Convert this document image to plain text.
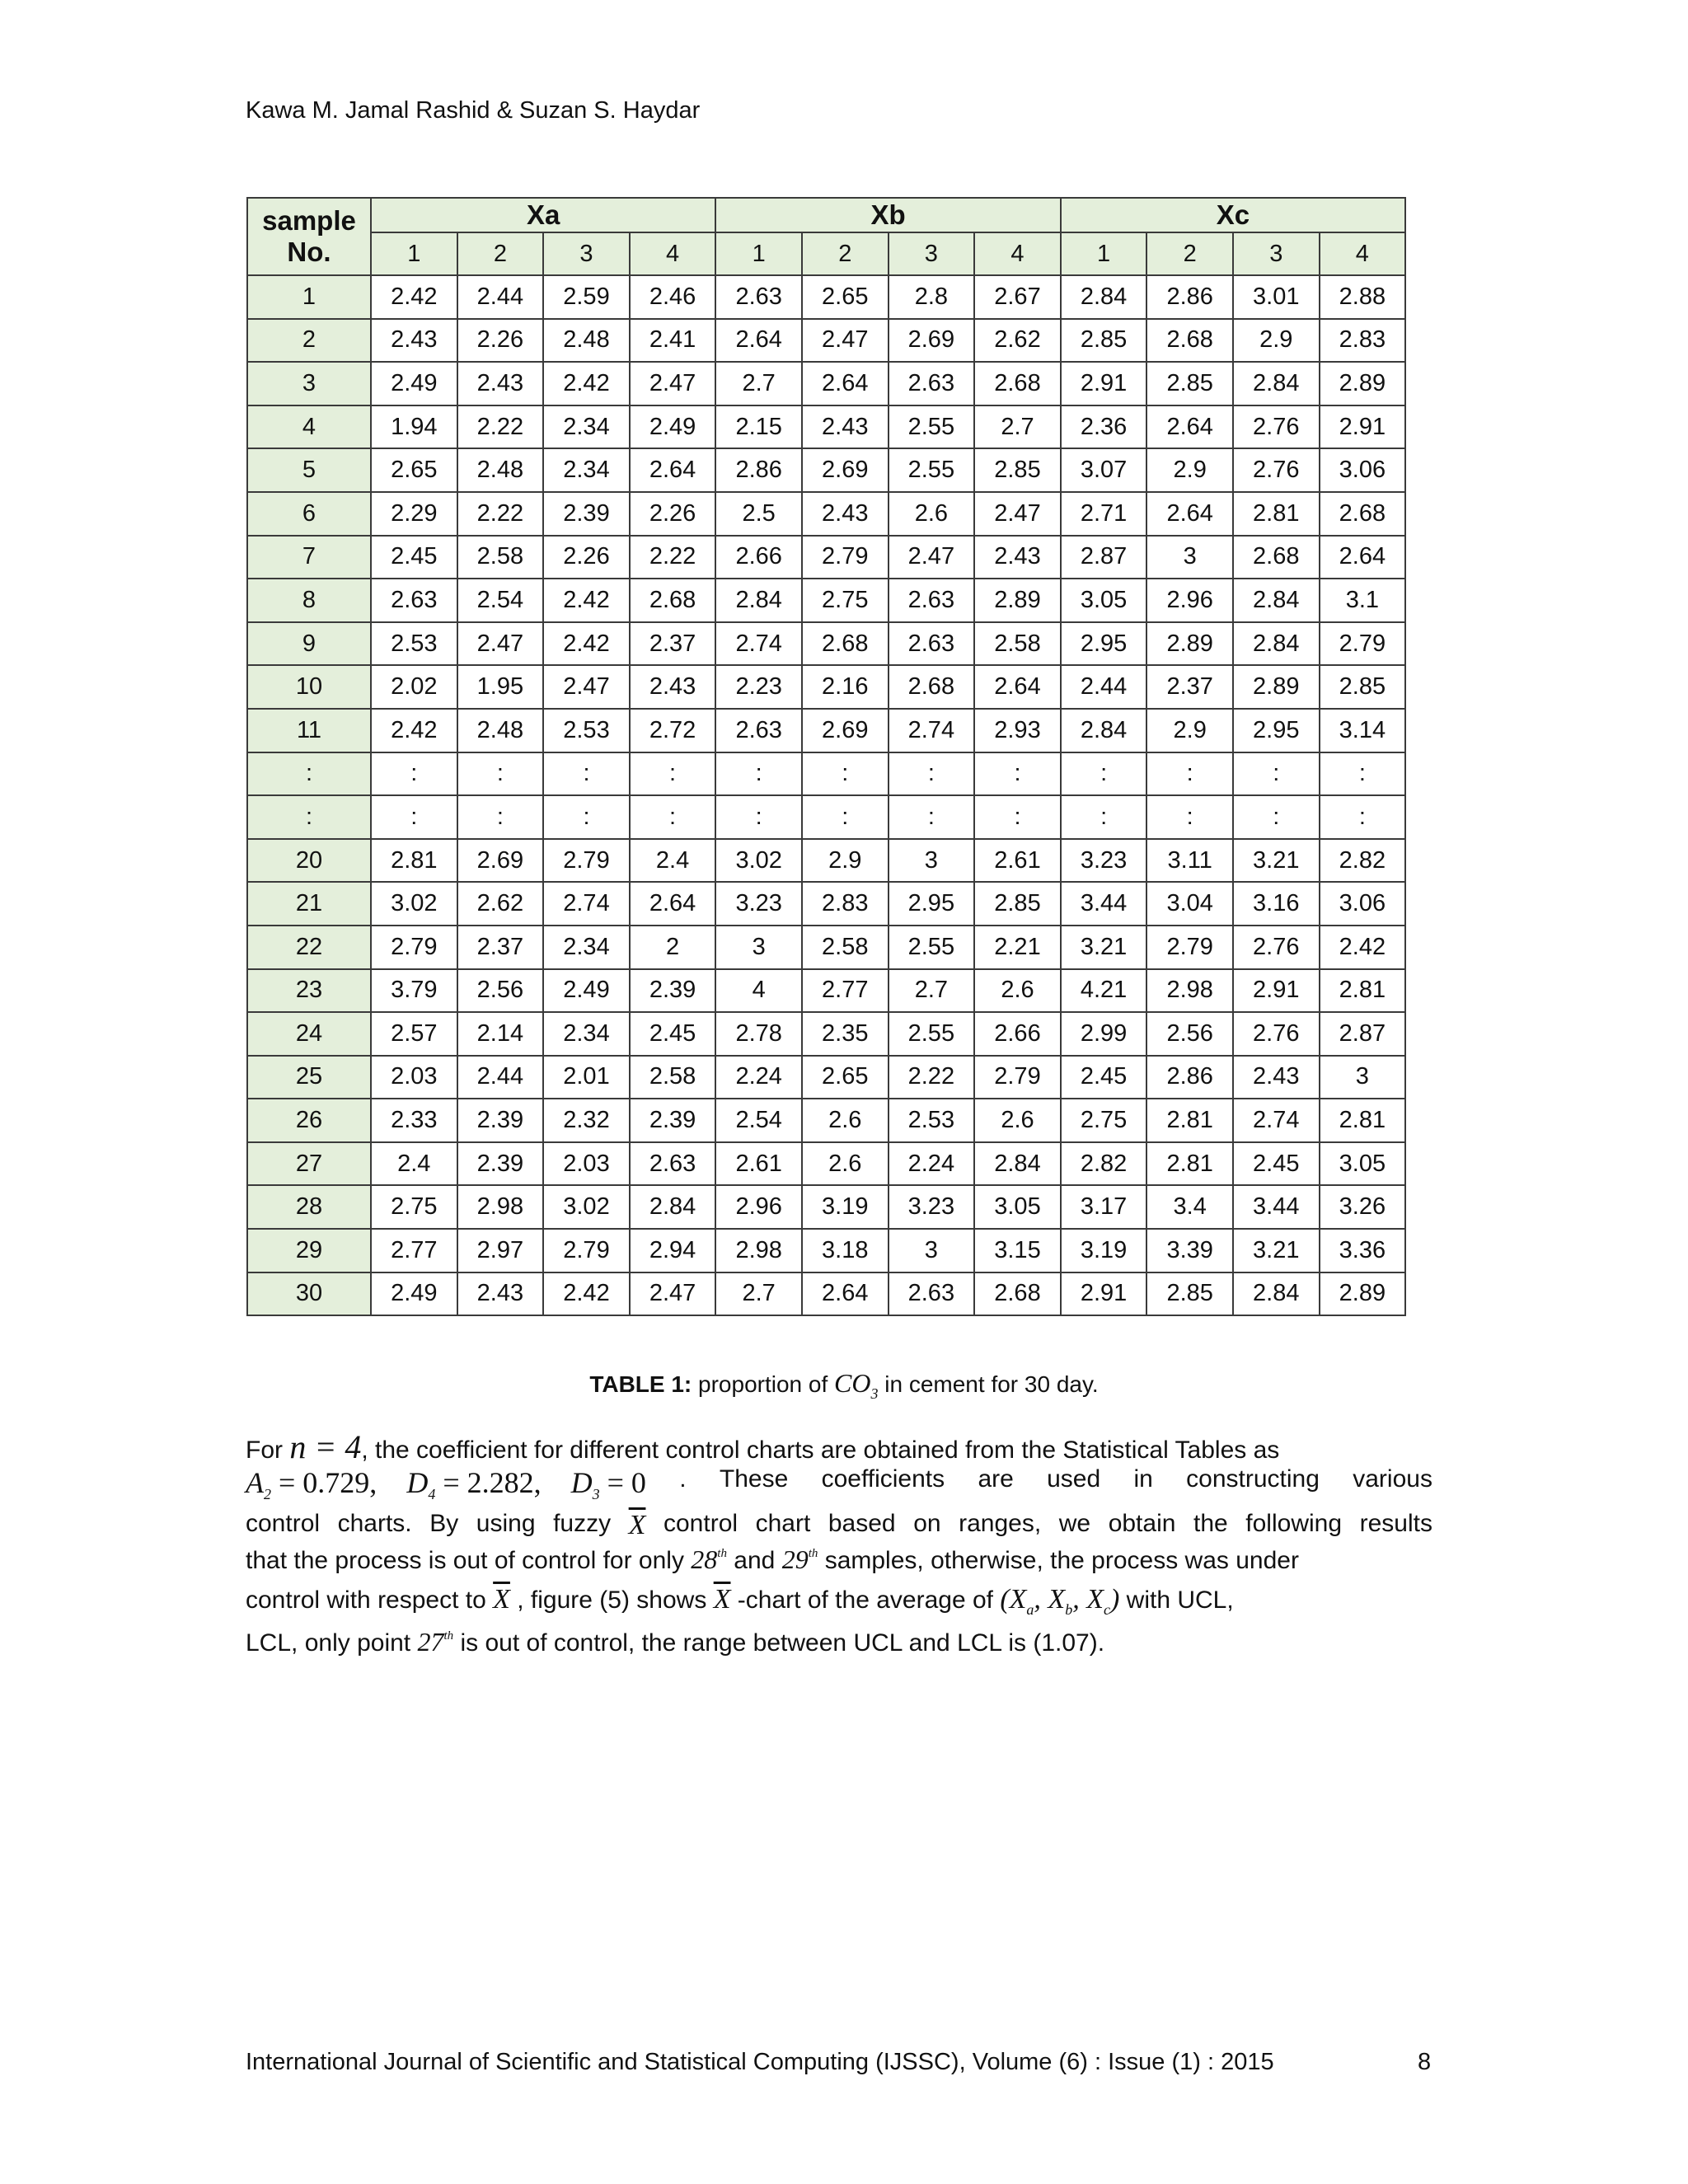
Kawa M. Jamal Rashid & Suzan S. Haydar
sample
No.	Xa				Xb				Xc			
	1	2	3	4	1	2	3	4	1	2	3	4
1	2.42	2.44	2.59	2.46	2.63	2.65	2.8	2.67	2.84	2.86	3.01	2.88
2	2.43	2.26	2.48	2.41	2.64	2.47	2.69	2.62	2.85	2.68	2.9	2.83
3	2.49	2.43	2.42	2.47	2.7	2.64	2.63	2.68	2.91	2.85	2.84	2.89
4	1.94	2.22	2.34	2.49	2.15	2.43	2.55	2.7	2.36	2.64	2.76	2.91
5	2.65	2.48	2.34	2.64	2.86	2.69	2.55	2.85	3.07	2.9	2.76	3.06
6	2.29	2.22	2.39	2.26	2.5	2.43	2.6	2.47	2.71	2.64	2.81	2.68
7	2.45	2.58	2.26	2.22	2.66	2.79	2.47	2.43	2.87	3	2.68	2.64
8	2.63	2.54	2.42	2.68	2.84	2.75	2.63	2.89	3.05	2.96	2.84	3.1
9	2.53	2.47	2.42	2.37	2.74	2.68	2.63	2.58	2.95	2.89	2.84	2.79
10	2.02	1.95	2.47	2.43	2.23	2.16	2.68	2.64	2.44	2.37	2.89	2.85
11	2.42	2.48	2.53	2.72	2.63	2.69	2.74	2.93	2.84	2.9	2.95	3.14
:	:	:	:	:	:	:	:	:	:	:	:	:
:	:	:	:	:	:	:	:	:	:	:	:	:
20	2.81	2.69	2.79	2.4	3.02	2.9	3	2.61	3.23	3.11	3.21	2.82
21	3.02	2.62	2.74	2.64	3.23	2.83	2.95	2.85	3.44	3.04	3.16	3.06
22	2.79	2.37	2.34	2	3	2.58	2.55	2.21	3.21	2.79	2.76	2.42
23	3.79	2.56	2.49	2.39	4	2.77	2.7	2.6	4.21	2.98	2.91	2.81
24	2.57	2.14	2.34	2.45	2.78	2.35	2.55	2.66	2.99	2.56	2.76	2.87
25	2.03	2.44	2.01	2.58	2.24	2.65	2.22	2.79	2.45	2.86	2.43	3
26	2.33	2.39	2.32	2.39	2.54	2.6	2.53	2.6	2.75	2.81	2.74	2.81
27	2.4	2.39	2.03	2.63	2.61	2.6	2.24	2.84	2.82	2.81	2.45	3.05
28	2.75	2.98	3.02	2.84	2.96	3.19	3.23	3.05	3.17	3.4	3.44	3.26
29	2.77	2.97	2.79	2.94	2.98	3.18	3	3.15	3.19	3.39	3.21	3.36
30	2.49	2.43	2.42	2.47	2.7	2.64	2.63	2.68	2.91	2.85	2.84	2.89
TABLE 1: proportion of $CO_3$ in cement for 30 day.
For n = 4, the coefficient for different control charts are obtained from the Statistical Tables as
$A_2 = 0.729$, $D_4 = 2.282$, $D_3 = 0$ . These coefficients are used in constructing various
control charts. By using fuzzy $\overline{X}$ control chart based on ranges, we obtain the following results
that the process is out of control for only 28th and 29th samples, otherwise, the process was under
control with respect to $\overline{X}$ , figure (5) shows $\overline{X}$ -chart of the average of ($X_a$, $X_b$, $X_c$) with UCL,
LCL, only point 27th is out of control, the range between UCL and LCL is (1.07).
International Journal of Scientific and Statistical Computing (IJSSC), Volume (6) : Issue (1) : 2015	8
